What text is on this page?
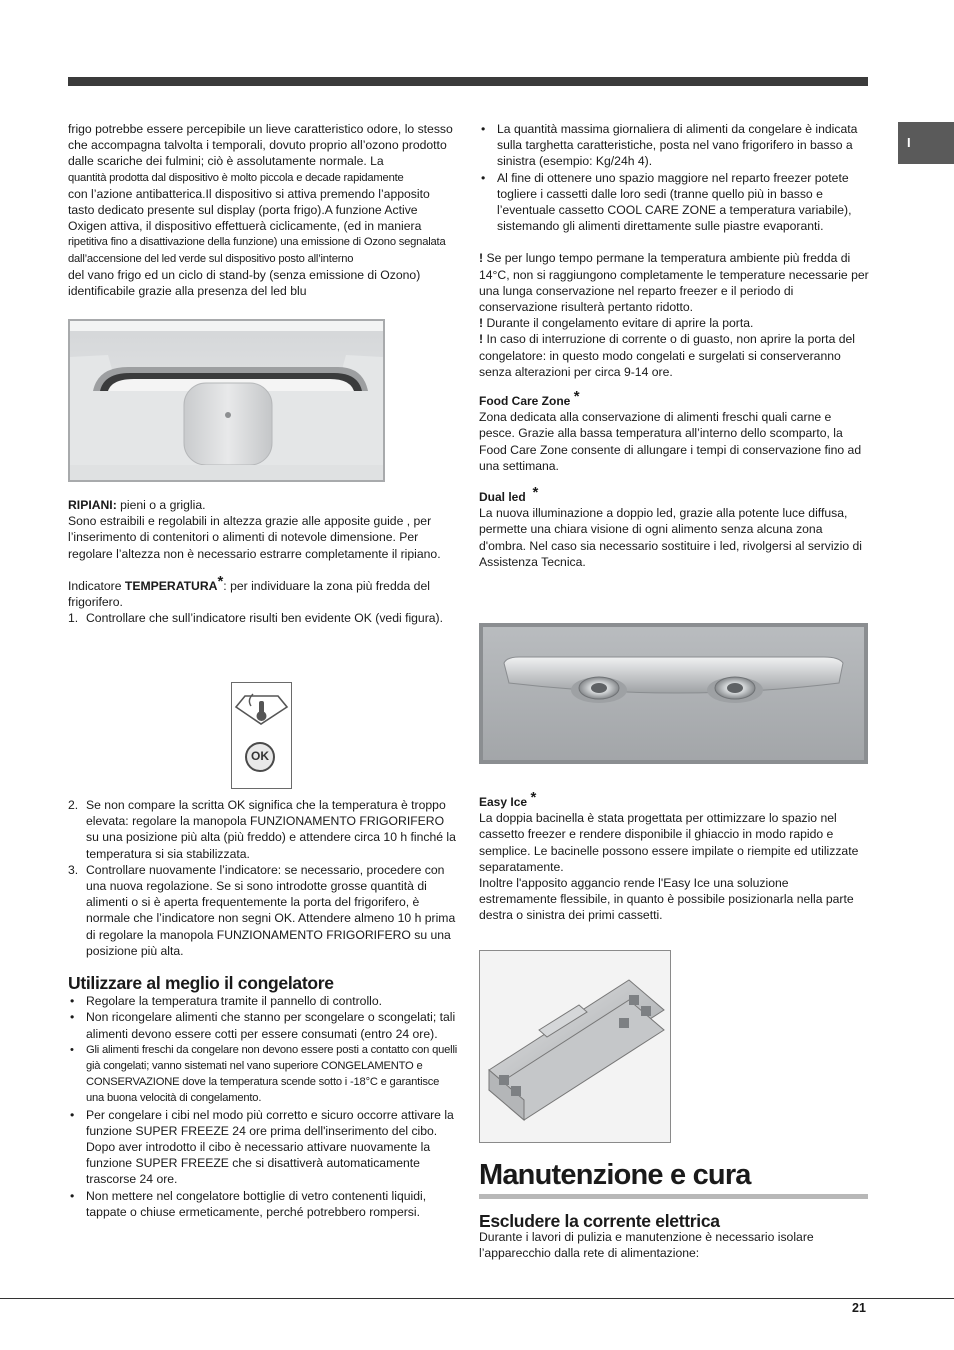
I

frigo potrebbe essere percepibile un lieve caratteristico odore, lo stesso che accompagna talvolta i temporali, dovuto proprio all’ozono prodotto dalle scariche dei fulmini; ciò è assolutamente normale. La

quantità prodotta dal dispositivo è molto piccola e decade rapidamente

con l’azione antibatterica.Il dispositivo si attiva premendo l’apposito tasto dedicato presente sul display (porta frigo).A funzione Active Oxigen attiva, il dispositivo effettuerà ciclicamente, (ed in maniera

ripetitiva fino a disattivazione della funzione) una emissione di Ozono segnalata dall’accensione del led verde sul dispositivo posto all’interno

del vano frigo ed un ciclo di stand-by (senza emissione di Ozono) identificabile grazie alla presenza del led blu

RIPIANI: pieni o a griglia.

Sono estraibili e regolabili in altezza grazie alle apposite guide , per l’inserimento di contenitori o alimenti di notevole dimensione. Per regolare l’altezza non è necessario estrarre completamente il ripiano.

Indicatore TEMPERATURA*: per individuare la zona più fredda del frigorifero.

1. Controllare che sull’indicatore risulti ben evidente OK (vedi figura).
OK
2. Se non compare la scritta OK significa che la temperatura è troppo elevata: regolare la manopola FUNZIONAMENTO FRIGORIFERO su una posizione più alta (più freddo) e attendere circa 10 h finché la temperatura si sia stabilizzata.
3. Controllare nuovamente l’indicatore: se necessario, procedere con una nuova regolazione. Se si sono introdotte grosse quantità di alimenti o si è aperta frequentemente la porta del frigorifero, è normale che l’indicatore non segni OK. Attendere almeno 10 h prima di regolare la manopola FUNZIONAMENTO FRIGORIFERO su una posizione più alta.
Utilizzare al meglio il congelatore
• Regolare la temperatura tramite il pannello di controllo.
• Non ricongelare alimenti che stanno per scongelare o scongelati; tali alimenti devono essere cotti per essere consumati (entro 24 ore).
• Gli alimenti freschi da congelare non devono essere posti a contatto con quelli già congelati; vanno sistemati nel vano superiore CONGELAMENTO e CONSERVAZIONE dove la temperatura scende sotto i -18°C e garantisce una buona velocità di congelamento.
• Per congelare i cibi nel modo più corretto e sicuro occorre attivare la funzione SUPER FREEZE 24 ore prima dell'inserimento del cibo. Dopo aver introdotto il cibo è necessario attivare nuovamente la funzione SUPER FREEZE che si disattiverà automaticamente trascorse 24 ore.
• Non mettere nel congelatore bottiglie di vetro contenenti liquidi, tappate o chiuse ermeticamente, perché potrebbero rompersi.
• La quantità massima giornaliera di alimenti da congelare è indicata sulla targhetta caratteristiche, posta nel vano frigorifero in basso a sinistra (esempio: Kg/24h 4).
• Al fine di ottenere uno spazio maggiore nel reparto freezer potete togliere i cassetti dalle loro sedi (tranne quello più in basso e l’eventuale cassetto COOL CARE ZONE a temperatura variabile), sistemando gli alimenti direttamente sulle piastre evaporanti.

! Se per lungo tempo permane la temperatura ambiente più fredda di 14°C, non si raggiungono completamente le temperature necessarie per una lunga conservazione nel reparto freezer e il periodo di conservazione risulterà pertanto ridotto.

! Durante il congelamento evitare di aprire la porta.

! In caso di interruzione di corrente o di guasto, non aprire la porta del congelatore: in questo modo congelati e surgelati si conserveranno senza alterazioni per circa 9-14 ore.

Food Care Zone *

Zona dedicata alla conservazione di alimenti freschi quali carne e pesce. Grazie alla bassa temperatura all’interno dello scomparto, la Food Care Zone consente di allungare i tempi di conservazione fino ad una settimana.

Dual led *

La nuova illuminazione a doppio led, grazie alla potente luce diffusa, permette una chiara visione di ogni alimento senza alcuna zona d'ombra. Nel caso sia necessario sostituire i led, rivolgersi al servizio di Assistenza Tecnica.

Easy Ice *

La doppia bacinella è stata progettata per ottimizzare lo spazio nel cassetto freezer e rendere disponibile il ghiaccio in modo rapido e semplice. Le bacinelle possono essere impilate o riempite ed utilizzate separatamente.

Inoltre l'apposito aggancio rende l'Easy Ice una soluzione estremamente flessibile, in quanto è possibile posizionarla nella parte destra o sinistra dei primi cassetti.

Manutenzione e cura
Escludere la corrente elettrica

Durante i lavori di pulizia e manutenzione è necessario isolare l’apparecchio dalla rete di alimentazione:

21
